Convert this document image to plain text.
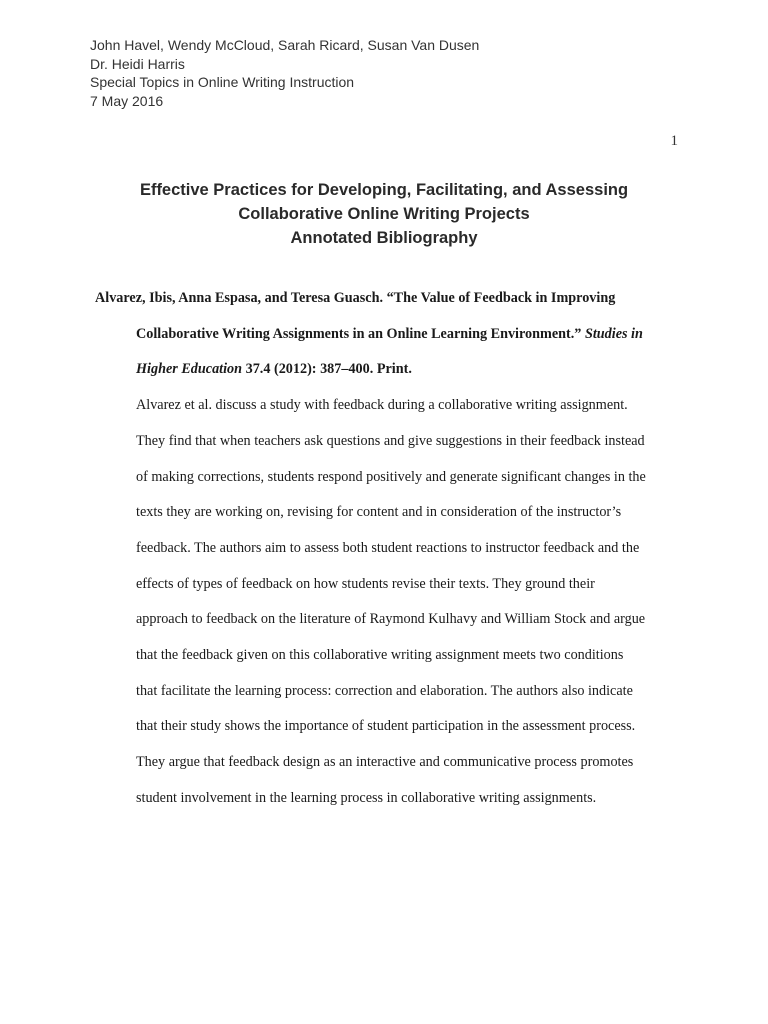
John Havel, Wendy McCloud, Sarah Ricard, Susan Van Dusen
Dr. Heidi Harris
Special Topics in Online Writing Instruction
7 May 2016
1
Effective Practices for Developing, Facilitating, and Assessing
Collaborative Online Writing Projects
Annotated Bibliography
Alvarez, Ibis, Anna Espasa, and Teresa Guasch. “The Value of Feedback in Improving
Collaborative Writing Assignments in an Online Learning Environment.” Studies in
Higher Education 37.4 (2012): 387–400. Print.
Alvarez et al. discuss a study with feedback during a collaborative writing assignment.
They find that when teachers ask questions and give suggestions in their feedback instead
of making corrections, students respond positively and generate significant changes in the
texts they are working on, revising for content and in consideration of the instructor’s
feedback. The authors aim to assess both student reactions to instructor feedback and the
effects of types of feedback on how students revise their texts. They ground their
approach to feedback on the literature of Raymond Kulhavy and William Stock and argue
that the feedback given on this collaborative writing assignment meets two conditions
that facilitate the learning process: correction and elaboration. The authors also indicate
that their study shows the importance of student participation in the assessment process.
They argue that feedback design as an interactive and communicative process promotes
student involvement in the learning process in collaborative writing assignments.
